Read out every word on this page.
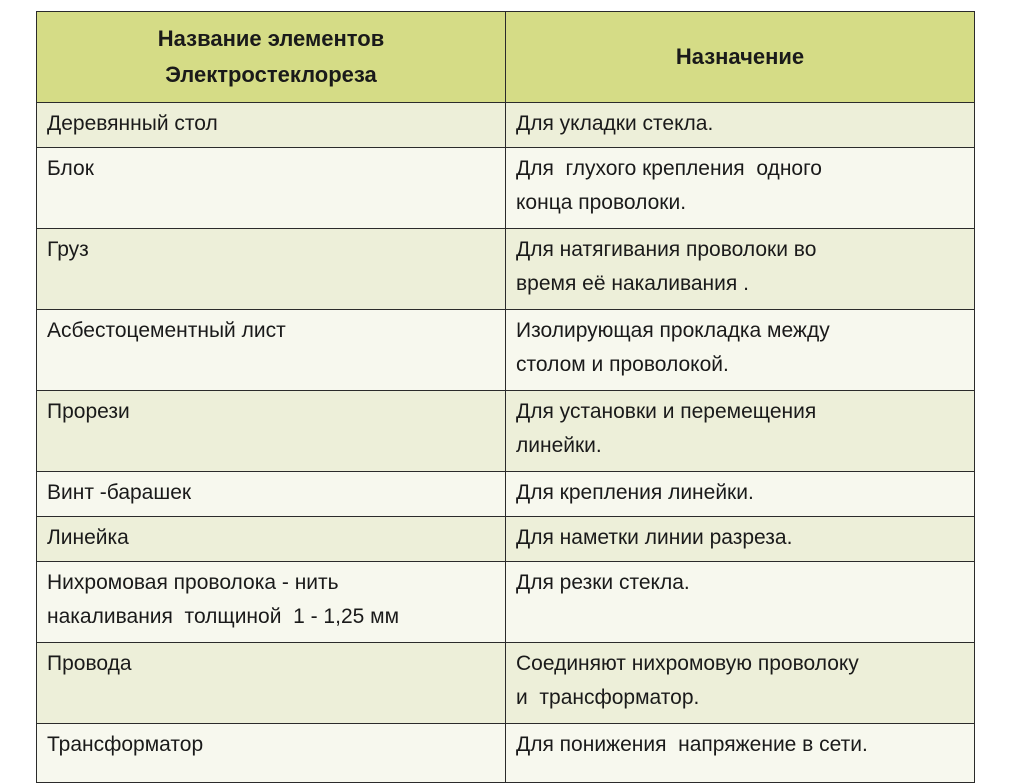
Название элементов
Электростеклореза	Назначение
Деревянный стол	Для укладки стекла.
Блок	Для  глухого крепления  одного
конца проволоки.
Груз	Для натягивания проволоки во
время её накаливания .
Асбестоцементный лист	Изолирующая прокладка между
столом и проволокой.
Прорези	Для установки и перемещения
линейки.
Винт -барашек	Для крепления линейки.
Линейка	Для наметки линии разреза.
Нихромовая проволока - нить
накаливания  толщиной  1 - 1,25 мм	Для резки стекла.
Провода	Соединяют нихромовую проволоку
и  трансформатор.
Трансформатор	Для понижения  напряжение в сети.
